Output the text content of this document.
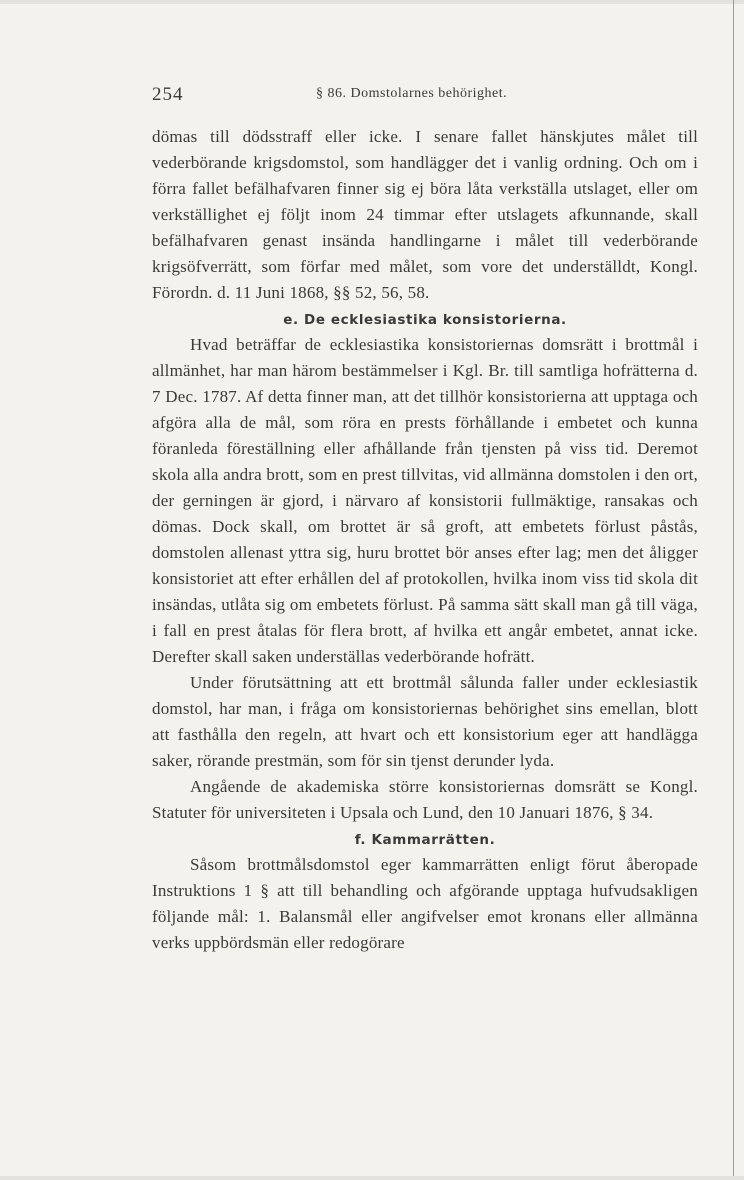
254	§ 86. Domstolarnes behörighet.

dömas till dödsstraff eller icke. I senare fallet hänskjutes målet till vederbörande krigsdomstol, som handlägger det i vanlig ordning. Och om i förra fallet befälhafvaren finner sig ej böra låta verkställa utslaget, eller om verkställighet ej följt inom 24 timmar efter utslagets afkunnande, skall befälhafvaren genast insända handlingarne i målet till vederbörande krigsöfverrätt, som förfar med målet, som vore det underställdt, Kongl. Förordn. d. 11 Juni 1868, §§ 52, 56, 58.

e. De ecklesiastika konsistorierna.

Hvad beträffar de ecklesiastika konsistoriernas domsrätt i brottmål i allmänhet, har man härom bestämmelser i Kgl. Br. till samtliga hofrätterna d. 7 Dec. 1787. Af detta finner man, att det tillhör konsistorierna att upptaga och afgöra alla de mål, som röra en prests förhållande i embetet och kunna föranleda föreställning eller afhållande från tjensten på viss tid. Deremot skola alla andra brott, som en prest tillvitas, vid allmänna domstolen i den ort, der gerningen är gjord, i närvaro af konsistorii fullmäktige, ransakas och dömas. Dock skall, om brottet är så groft, att embetets förlust påstås, domstolen allenast yttra sig, huru brottet bör anses efter lag; men det åligger konsistoriet att efter erhållen del af protokollen, hvilka inom viss tid skola dit insändas, utlåta sig om embetets förlust. På samma sätt skall man gå till väga, i fall en prest åtalas för flera brott, af hvilka ett angår embetet, annat icke. Derefter skall saken underställas vederbörande hofrätt.

Under förutsättning att ett brottmål sålunda faller under ecklesiastik domstol, har man, i fråga om konsistoriernas behörighet sins emellan, blott att fasthålla den regeln, att hvart och ett konsistorium eger att handlägga saker, rörande prestmän, som för sin tjenst derunder lyda.

Angående de akademiska större konsistoriernas domsrätt se Kongl. Statuter för universiteten i Upsala och Lund, den 10 Januari 1876, § 34.

f. Kammarrätten.

Såsom brottmålsdomstol eger kammarrätten enligt förut åberopade Instruktions 1 § att till behandling och afgörande upptaga hufvudsakligen följande mål: 1. Balansmål eller angifvelser emot kronans eller allmänna verks uppbördsmän eller redogörare
